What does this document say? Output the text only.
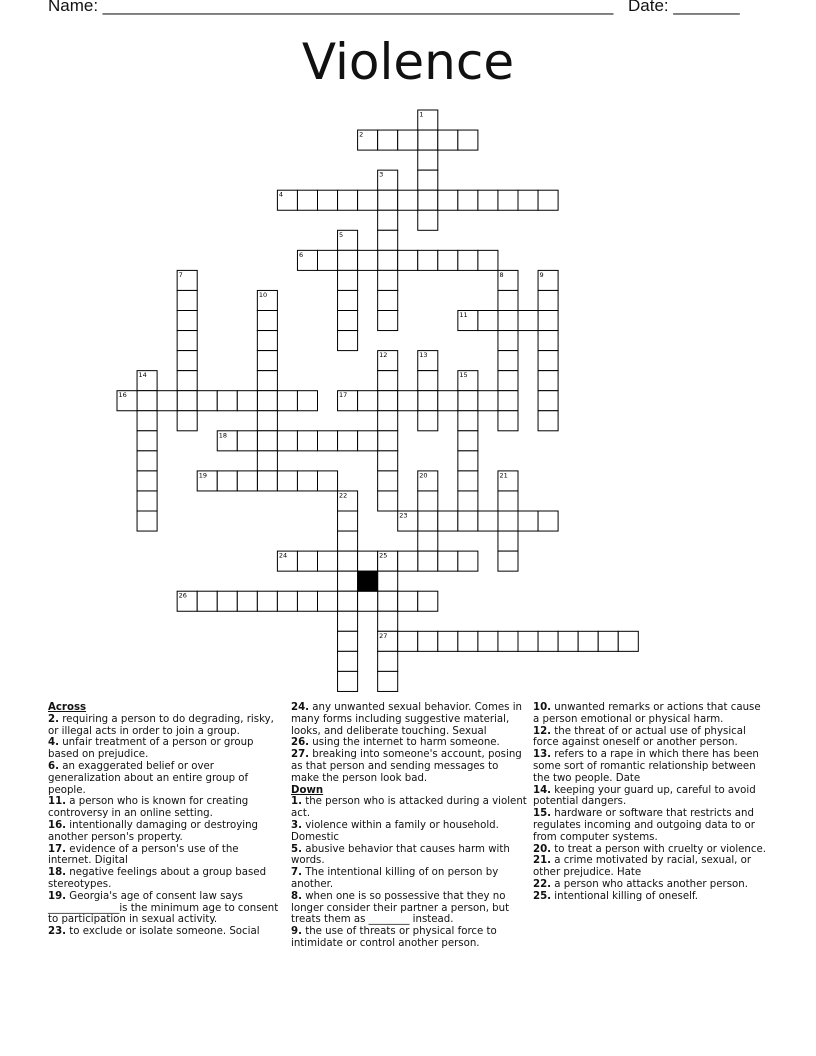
Name: ______________________________________________________ Date: _______
Violence
1
2
3
4
5
6
7	8	9
10
11
12	13
14	15
16	17
18
19	20	21
22
23
24	25
26
27
Across
2. requiring a person to do degrading, risky, or illegal acts in order to join a group.
4. unfair treatment of a person or group based on prejudice.
6. an exaggerated belief or over generalization about an entire group of people.
11. a person who is known for creating controversy in an online setting.
16. intentionally damaging or destroying another person's property.
17. evidence of a person's use of the internet. Digital
18. negative feelings about a group based stereotypes.
19. Georgia's age of consent law says ______________is the minimum age to consent to participation in sexual activity.
23. to exclude or isolate someone. Social
24. any unwanted sexual behavior. Comes in many forms including suggestive material, looks, and deliberate touching. Sexual
26. using the internet to harm someone.
27. breaking into someone's account, posing as that person and sending messages to make the person look bad.
Down
1. the person who is attacked during a violent act.
3. violence within a family or household. Domestic
5. abusive behavior that causes harm with words.
7. The intentional killing of on person by another.
8. when one is so possessive that they no longer consider their partner a person, but treats them as ________ instead.
9. the use of threats or physical force to intimidate or control another person.
10. unwanted remarks or actions that cause a person emotional or physical harm.
12. the threat of or actual use of physical force against oneself or another person.
13. refers to a rape in which there has been some sort of romantic relationship between the two people. Date
14. keeping your guard up, careful to avoid potential dangers.
15. hardware or software that restricts and regulates incoming and outgoing data to or from computer systems.
20. to treat a person with cruelty or violence.
21. a crime motivated by racial, sexual, or other prejudice. Hate
22. a person who attacks another person.
25. intentional killing of oneself.
